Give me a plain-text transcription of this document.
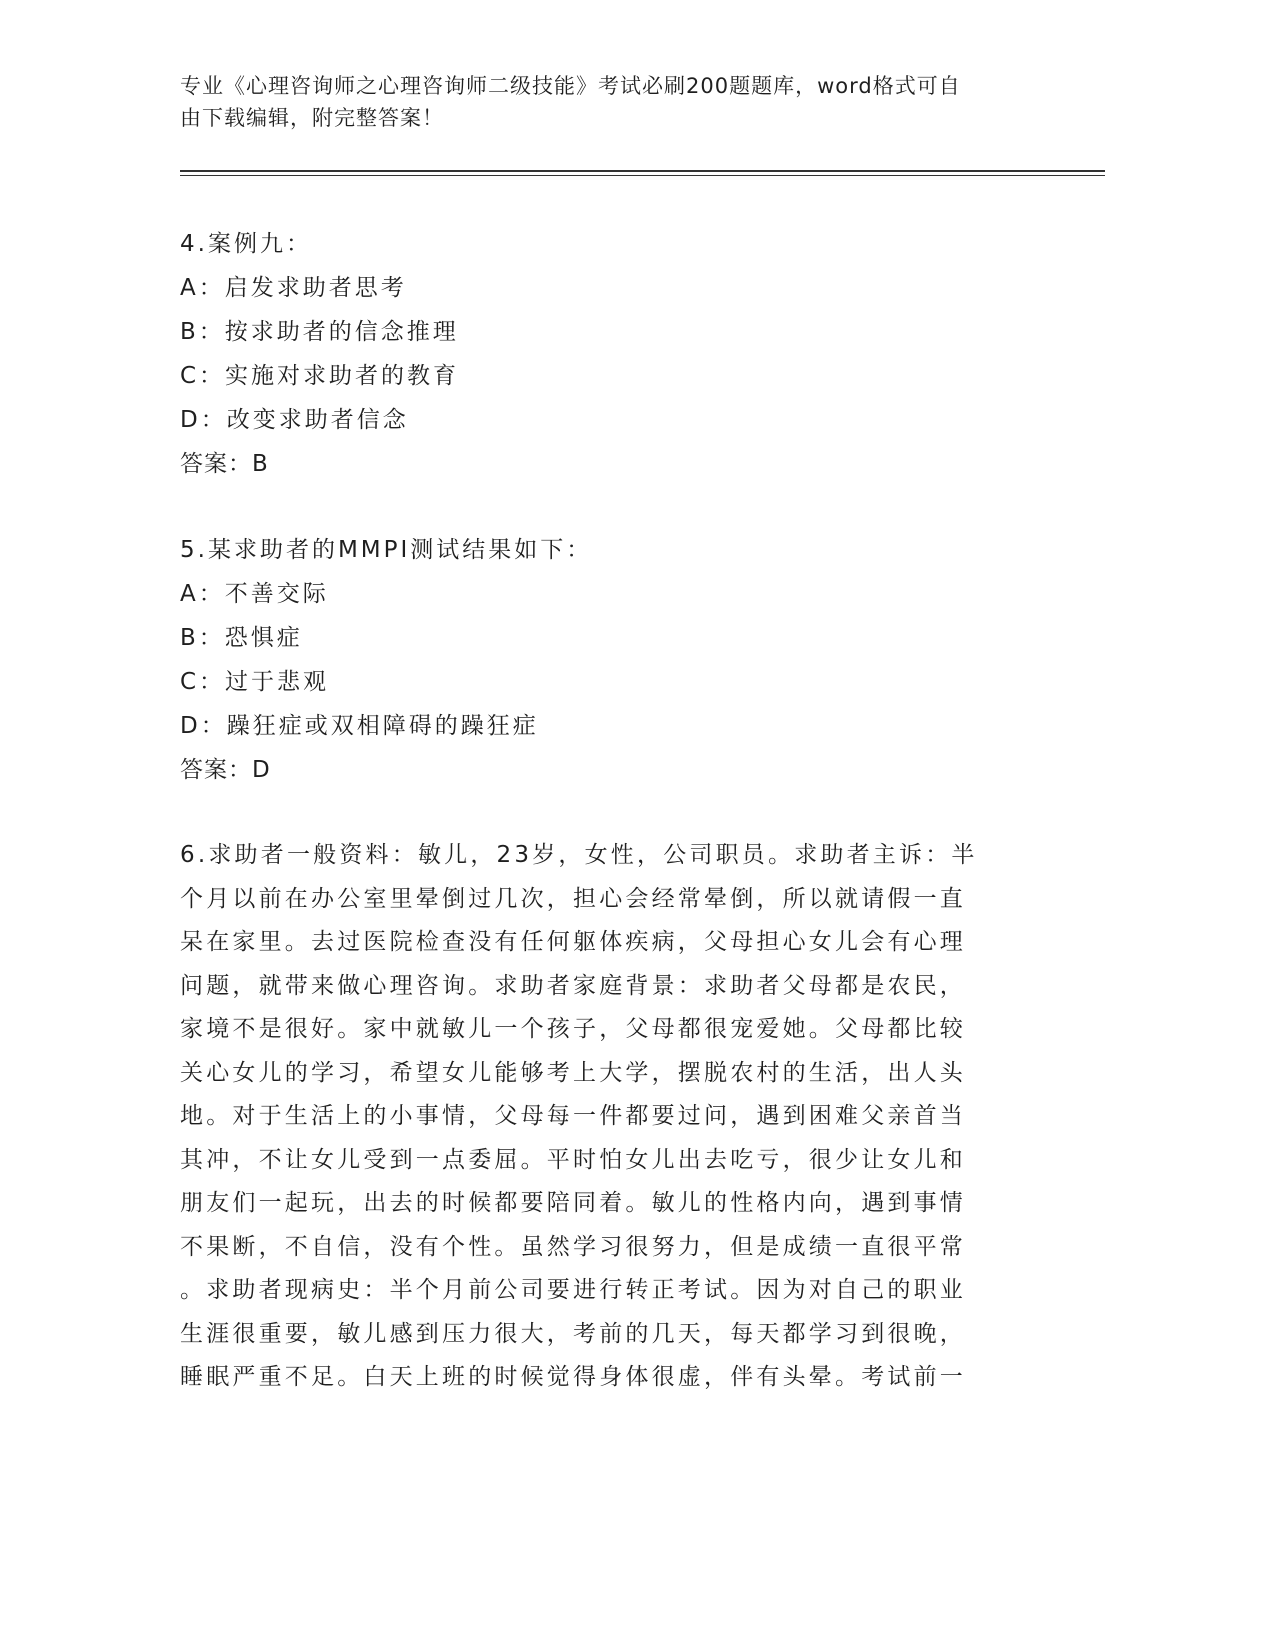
专业《心理咨询师之心理咨询师二级技能》考试必刷200题题库，word格式可自
由下载编辑，附完整答案！
4.案例九：
A：启发求助者思考
B：按求助者的信念推理
C：实施对求助者的教育
D：改变求助者信念
答案：B
5.某求助者的MMPI测试结果如下：
A：不善交际
B：恐惧症
C：过于悲观
D：躁狂症或双相障碍的躁狂症
答案：D
6.求助者一般资料：敏儿，23岁，女性，公司职员。求助者主诉：半
个月以前在办公室里晕倒过几次，担心会经常晕倒，所以就请假一直
呆在家里。去过医院检查没有任何躯体疾病，父母担心女儿会有心理
问题，就带来做心理咨询。求助者家庭背景：求助者父母都是农民，
家境不是很好。家中就敏儿一个孩子，父母都很宠爱她。父母都比较
关心女儿的学习，希望女儿能够考上大学，摆脱农村的生活，出人头
地。对于生活上的小事情，父母每一件都要过问，遇到困难父亲首当
其冲，不让女儿受到一点委屈。平时怕女儿出去吃亏，很少让女儿和
朋友们一起玩，出去的时候都要陪同着。敏儿的性格内向，遇到事情
不果断，不自信，没有个性。虽然学习很努力，但是成绩一直很平常
。求助者现病史：半个月前公司要进行转正考试。因为对自己的职业
生涯很重要，敏儿感到压力很大，考前的几天，每天都学习到很晚，
睡眠严重不足。白天上班的时候觉得身体很虚，伴有头晕。考试前一
